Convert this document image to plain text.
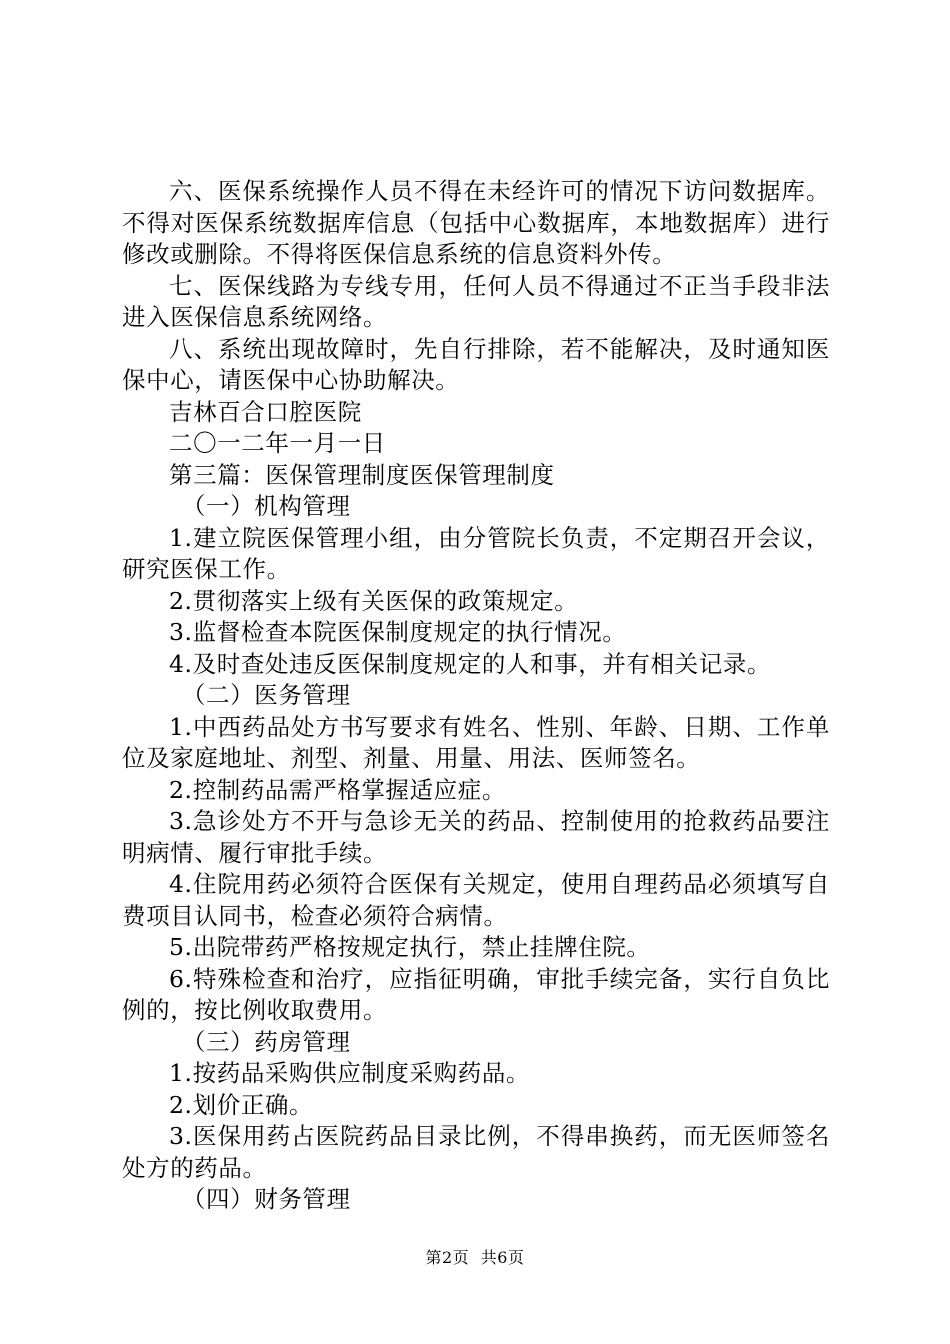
六、医保系统操作人员不得在未经许可的情况下访问数据库。不得对医保系统数据库信息（包括中心数据库，本地数据库）进行修改或删除。不得将医保信息系统的信息资料外传。

七、医保线路为专线专用，任何人员不得通过不正当手段非法进入医保信息系统网络。

八、系统出现故障时，先自行排除，若不能解决，及时通知医保中心，请医保中心协助解决。

吉林百合口腔医院

二〇一二年一月一日

第三篇：医保管理制度医保管理制度

（一）机构管理

1.建立院医保管理小组，由分管院长负责，不定期召开会议，研究医保工作。

2.贯彻落实上级有关医保的政策规定。

3.监督检查本院医保制度规定的执行情况。

4.及时查处违反医保制度规定的人和事，并有相关记录。

（二）医务管理

1.中西药品处方书写要求有姓名、性别、年龄、日期、工作单位及家庭地址、剂型、剂量、用量、用法、医师签名。

2.控制药品需严格掌握适应症。

3.急诊处方不开与急诊无关的药品、控制使用的抢救药品要注明病情、履行审批手续。

4.住院用药必须符合医保有关规定，使用自理药品必须填写自费项目认同书，检查必须符合病情。

5.出院带药严格按规定执行，禁止挂牌住院。

6.特殊检查和治疗，应指征明确，审批手续完备，实行自负比例的，按比例收取费用。

（三）药房管理

1.按药品采购供应制度采购药品。

2.划价正确。

3.医保用药占医院药品目录比例，不得串换药，而无医师签名处方的药品。

（四）财务管理

第2页 共6页
